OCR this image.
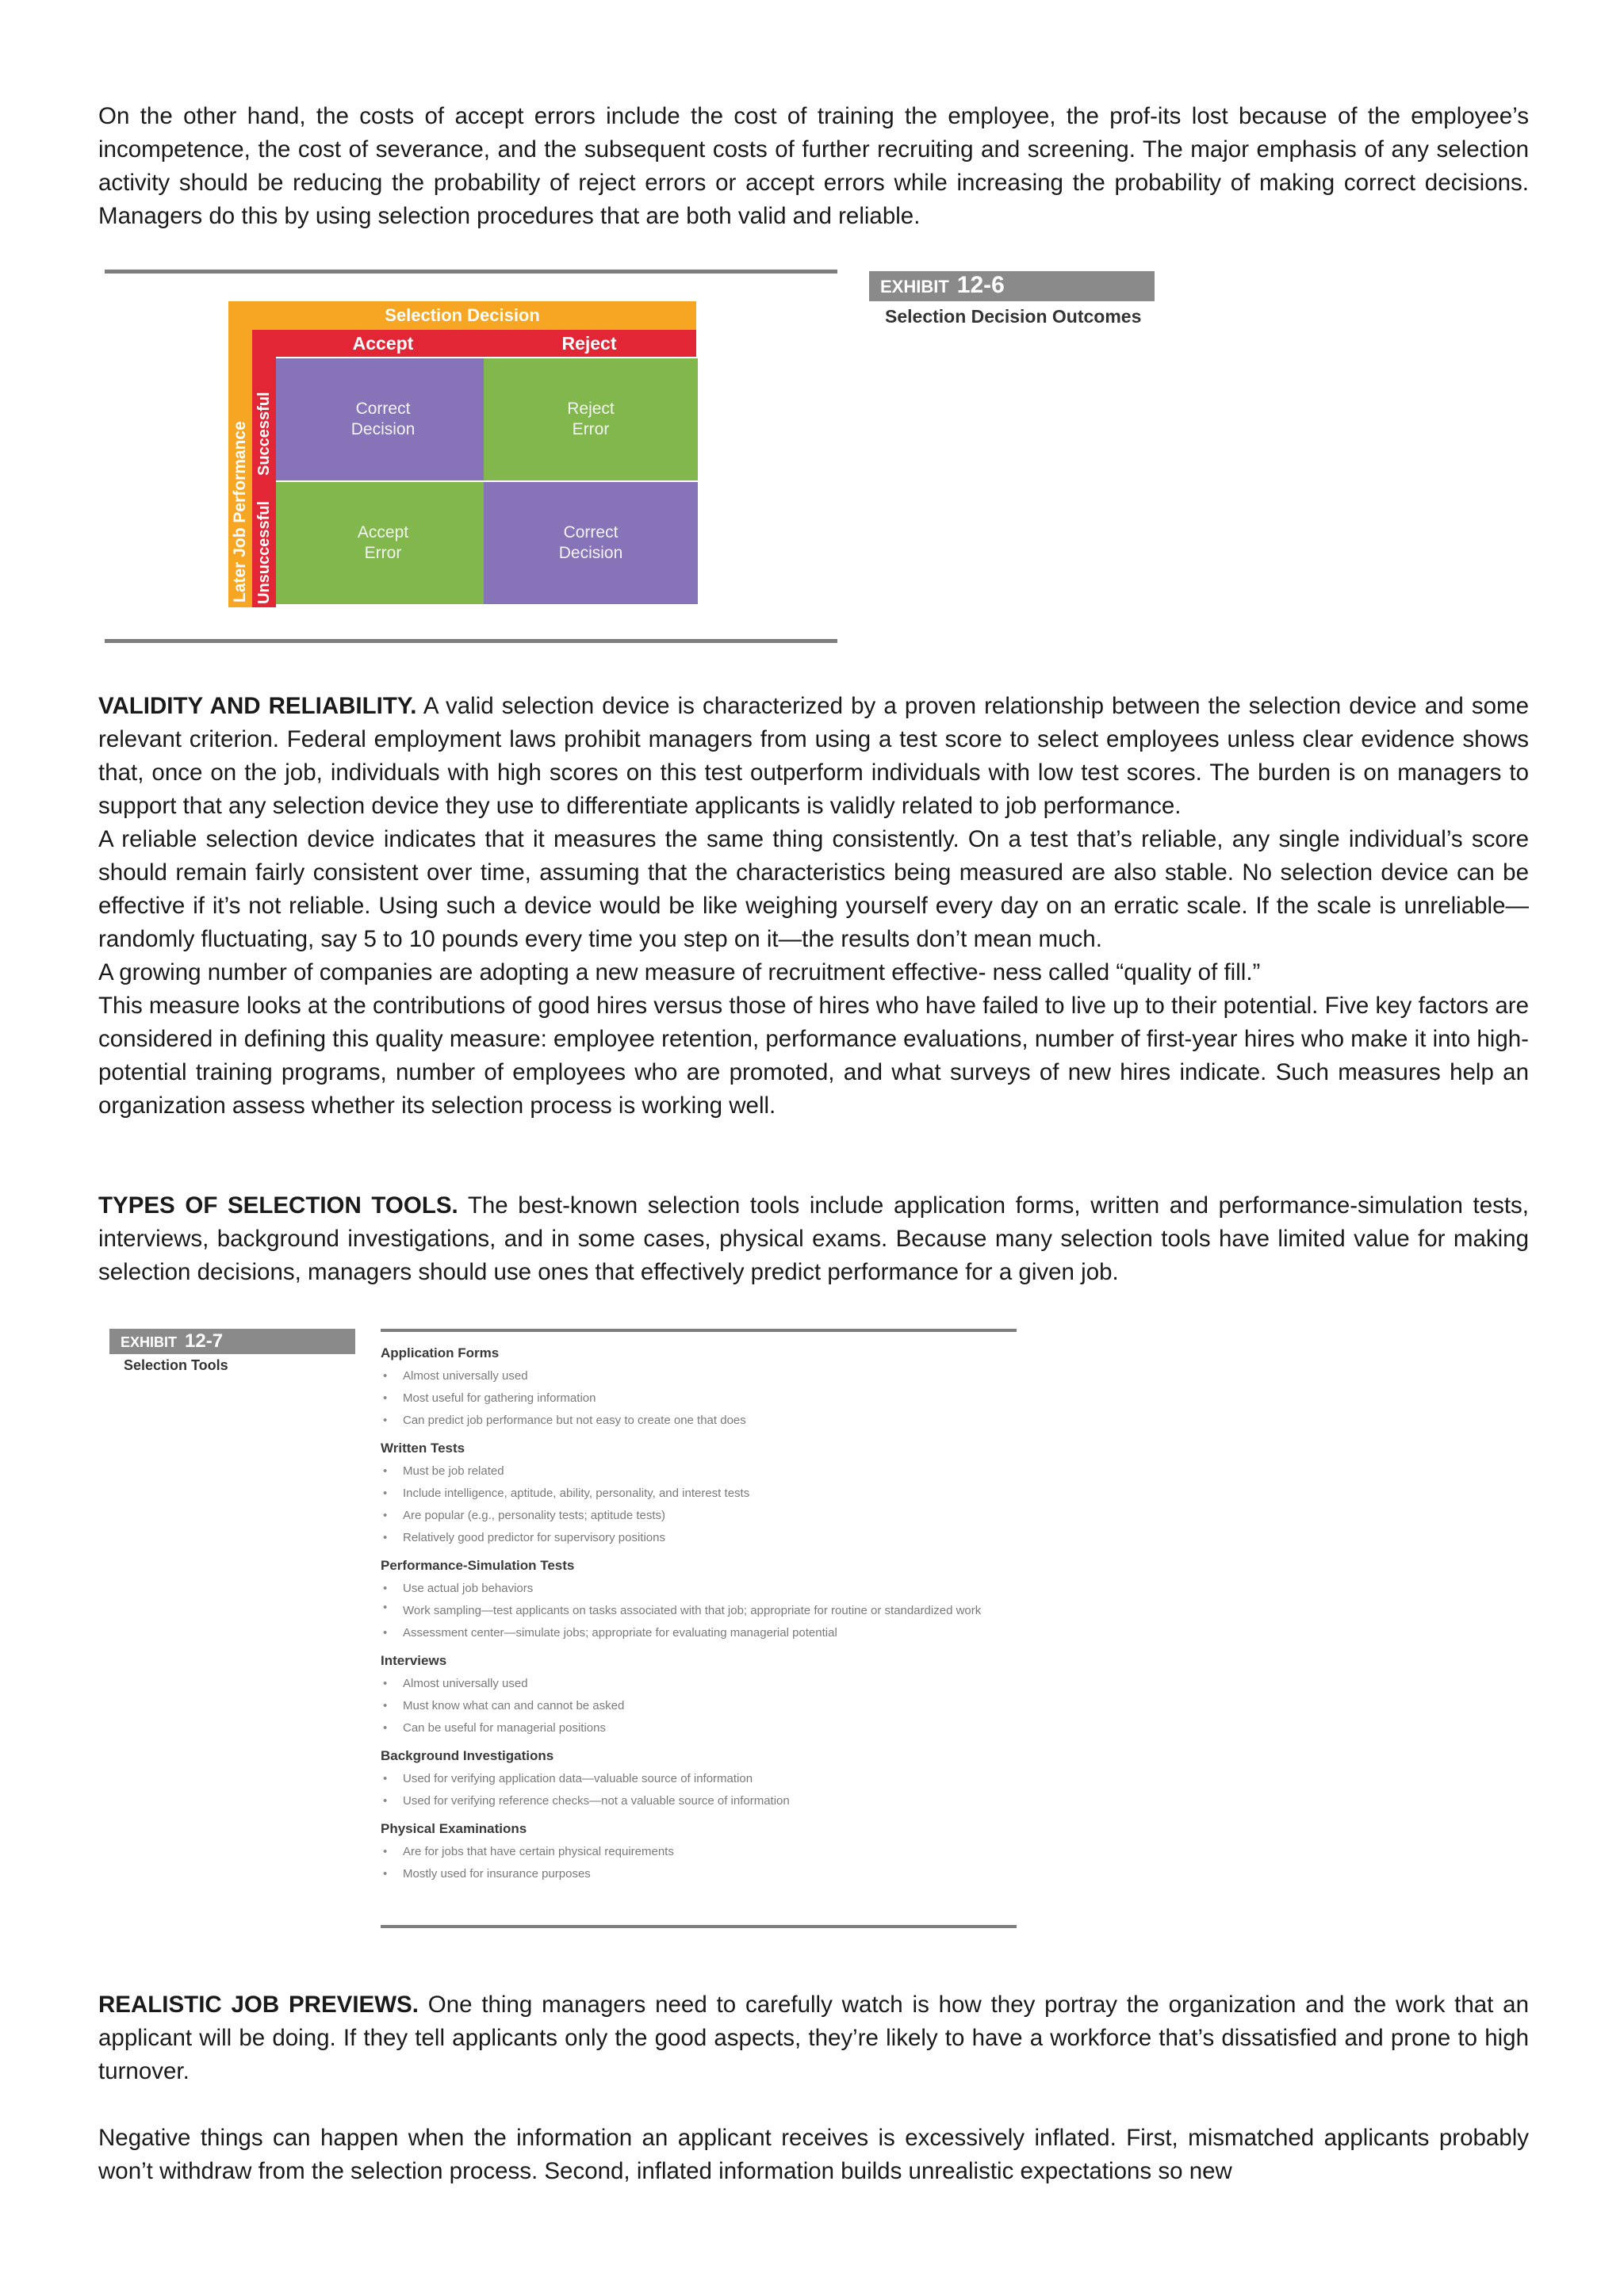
On the other hand, the costs of accept errors include the cost of training the employee, the prof-its lost because of the employee’s incompetence, the cost of severance, and the subsequent costs of further recruiting and screening. The major emphasis of any selection activity should be reducing the probability of reject errors or accept errors while increasing the probability of making correct decisions. Managers do this by using selection procedures that are both valid and reliable.

EXHIBIT 12-6
Selection Decision Outcomes
Selection Decision
Later Job Performance
Accept	Reject
Successful
Unsuccessful
Correct Decision
Reject Error
Accept Error
Correct Decision

VALIDITY AND RELIABILITY. A valid selection device is characterized by a proven relationship between the selection device and some relevant criterion. Federal employment laws prohibit managers from using a test score to select employees unless clear evidence shows that, once on the job, individuals with high scores on this test outperform individuals with low test scores. The burden is on managers to support that any selection device they use to differentiate applicants is validly related to job performance.

A reliable selection device indicates that it measures the same thing consistently. On a test that’s reliable, any single individual’s score should remain fairly consistent over time, assuming that the characteristics being measured are also stable. No selection device can be effective if it’s not reliable. Using such a device would be like weighing yourself every day on an erratic scale. If the scale is unreliable—randomly fluctuating, say 5 to 10 pounds every time you step on it—the results don’t mean much.

A growing number of companies are adopting a new measure of recruitment effective- ness called “quality of fill.”

This measure looks at the contributions of good hires versus those of hires who have failed to live up to their potential. Five key factors are considered in defining this quality measure: employee retention, performance evaluations, number of first-year hires who make it into high-potential training programs, number of employees who are promoted, and what surveys of new hires indicate. Such measures help an organization assess whether its selection process is working well.

TYPES OF SELECTION TOOLS. The best-known selection tools include application forms, written and performance-simulation tests, interviews, background investigations, and in some cases, physical exams. Because many selection tools have limited value for making selection decisions, managers should use ones that effectively predict performance for a given job.

EXHIBIT 12-7
Selection Tools
Application Forms
• Almost universally used
• Most useful for gathering information
• Can predict job performance but not easy to create one that does
Written Tests
• Must be job related
• Include intelligence, aptitude, ability, personality, and interest tests
• Are popular (e.g., personality tests; aptitude tests)
• Relatively good predictor for supervisory positions
Performance-Simulation Tests
• Use actual job behaviors
• Work sampling—test applicants on tasks associated with that job; appropriate for routine or standardized work
• Assessment center—simulate jobs; appropriate for evaluating managerial potential
Interviews
• Almost universally used
• Must know what can and cannot be asked
• Can be useful for managerial positions
Background Investigations
• Used for verifying application data—valuable source of information
• Used for verifying reference checks—not a valuable source of information
Physical Examinations
• Are for jobs that have certain physical requirements
• Mostly used for insurance purposes

REALISTIC JOB PREVIEWS. One thing managers need to carefully watch is how they portray the organization and the work that an applicant will be doing. If they tell applicants only the good aspects, they’re likely to have a workforce that’s dissatisfied and prone to high turnover.

Negative things can happen when the information an applicant receives is excessively inflated. First, mismatched applicants probably won’t withdraw from the selection process. Second, inflated information builds unrealistic expectations so new
